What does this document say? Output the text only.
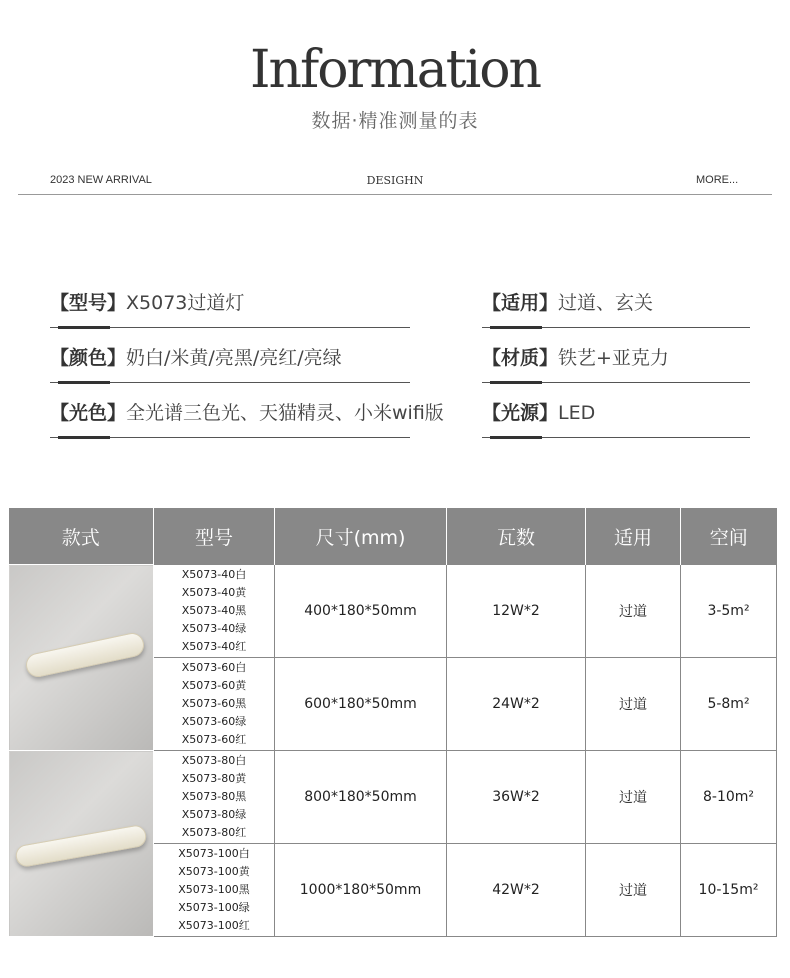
Information
数据·精准测量的表
2023 NEW ARRIVAL	DESIGHN	MORE...
【型号】X5073过道灯	【适用】过道、玄关
【颜色】奶白/米黄/亮黑/亮红/亮绿	【材质】铁艺+亚克力
【光色】全光谱三色光、天猫精灵、小米wifi版 【光源】LED
款式	型号	尺寸(mm)	瓦数	适用	空间

	X5073-40白
X5073-40黄
X5073-40黑
X5073-40绿
X5073-40红	400*180*50mm	12W*2	过道	3-5m²

	X5073-60白
X5073-60黄
X5073-60黑
X5073-60绿
X5073-60红	600*180*50mm	24W*2	过道	5-8m²

	X5073-80白
X5073-80黄
X5073-80黑
X5073-80绿
X5073-80红	800*180*50mm	36W*2	过道	8-10m²

	X5073-100白
X5073-100黄
X5073-100黑
X5073-100绿
X5073-100红	1000*180*50mm	42W*2	过道	10-15m²
